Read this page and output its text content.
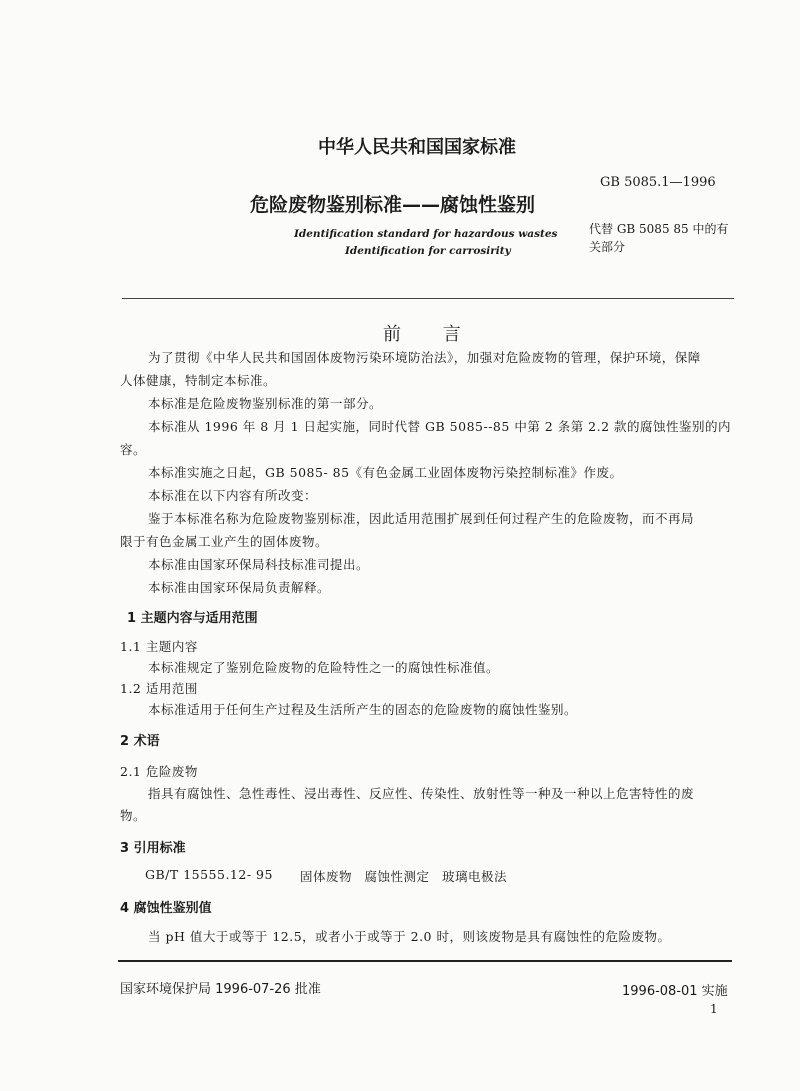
中华人民共和国国家标准
GB 5085.1—1996
危险废物鉴别标准——腐蚀性鉴别
Identification standard for hazardous wastes
Identification for carrosirity
代替 GB 5085 85 中的有
关部分
前 言
为了贯彻《中华人民共和国固体废物污染环境防治法》，加强对危险废物的管理，保护环境，保障
人体健康，特制定本标准。
本标准是危险废物鉴别标准的第一部分。
本标准从 1996 年 8 月 1 日起实施，同时代替 GB 5085--85 中第 2 条第 2.2 款的腐蚀性鉴别的内
容。
本标准实施之日起，GB 5085- 85《有色金属工业固体废物污染控制标准》作废。
本标准在以下内容有所改变：
鉴于本标准名称为危险废物鉴别标准，因此适用范围扩展到任何过程产生的危险废物，而不再局
限于有色金属工业产生的固体废物。
本标准由国家环保局科技标准司提出。
本标准由国家环保局负责解释。
1 主题内容与适用范围
1.1 主题内容
本标准规定了鉴别危险废物的危险特性之一的腐蚀性标准值。
1.2 适用范围
本标准适用于任何生产过程及生活所产生的固态的危险废物的腐蚀性鉴别。
2 术语
2.1 危险废物
指具有腐蚀性、急性毒性、浸出毒性、反应性、传染性、放射性等一种及一种以上危害特性的废
物。
3 引用标准
GB/T 15555.12- 95 固体废物 腐蚀性测定 玻璃电极法
4 腐蚀性鉴别值
当 pH 值大于或等于 12.5，或者小于或等于 2.0 时，则该废物是具有腐蚀性的危险废物。
国家环境保护局 1996-07-26 批准	1996-08-01 实施
1
